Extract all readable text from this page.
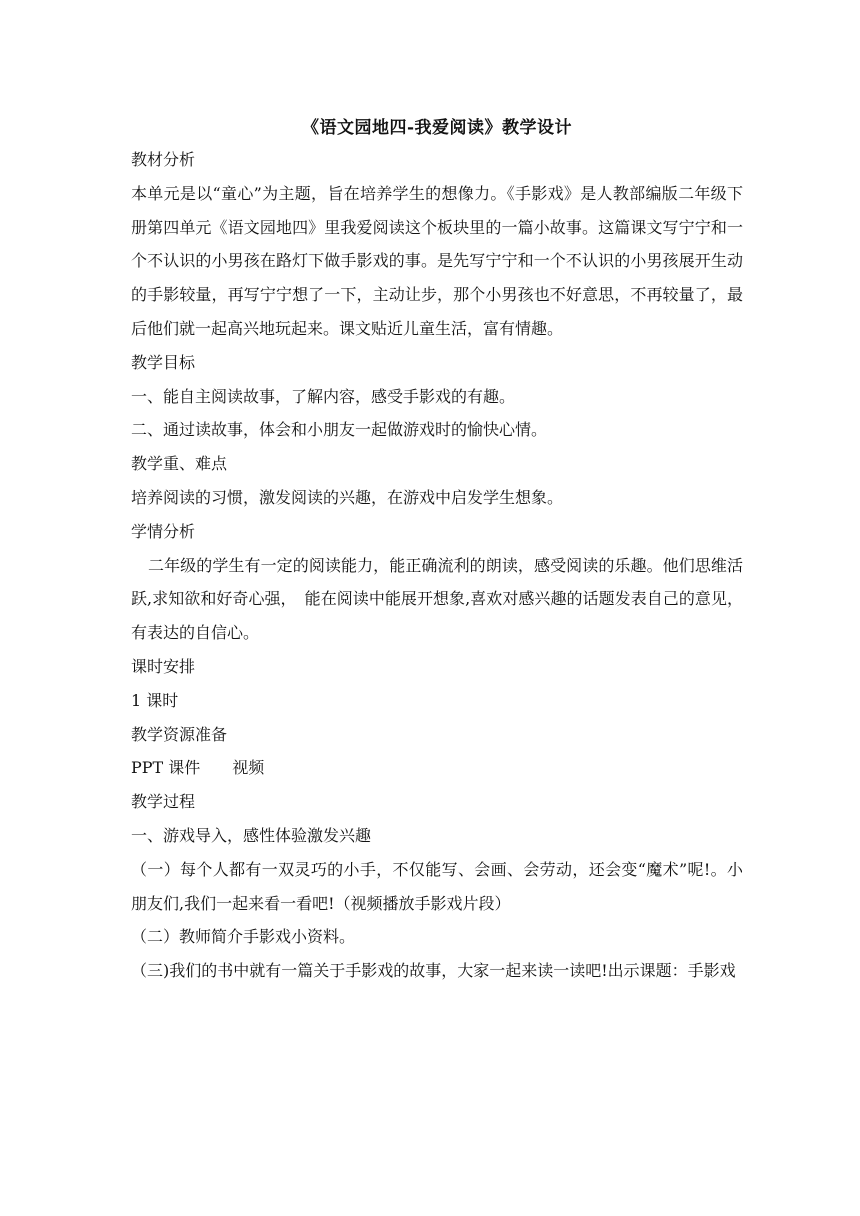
《语文园地四-我爱阅读》教学设计

教材分析

本单元是以“童心”为主题，旨在培养学生的想像力。《手影戏》是人教部编版二年级下册第四单元《语文园地四》里我爱阅读这个板块里的一篇小故事。这篇课文写宁宁和一个不认识的小男孩在路灯下做手影戏的事。是先写宁宁和一个不认识的小男孩展开生动的手影较量，再写宁宁想了一下，主动让步，那个小男孩也不好意思，不再较量了，最后他们就一起高兴地玩起来。课文贴近儿童生活，富有情趣。

教学目标

一、能自主阅读故事，了解内容，感受手影戏的有趣。

二、通过读故事，体会和小朋友一起做游戏时的愉快心情。

教学重、难点

培养阅读的习惯，激发阅读的兴趣，在游戏中启发学生想象。

学情分析

二年级的学生有一定的阅读能力，能正确流利的朗读，感受阅读的乐趣。他们思维活跃,求知欲和好奇心强，　能在阅读中能展开想象,喜欢对感兴趣的话题发表自己的意见，有表达的自信心。

课时安排

1 课时

教学资源准备

PPT 课件　　视频

教学过程

一、游戏导入，感性体验激发兴趣

（一）每个人都有一双灵巧的小手，不仅能写、会画、会劳动，还会变“魔术”呢!。小朋友们,我们一起来看一看吧!（视频播放手影戏片段）

（二）教师简介手影戏小资料。

（三)我们的书中就有一篇关于手影戏的故事，大家一起来读一读吧!出示课题：手影戏
